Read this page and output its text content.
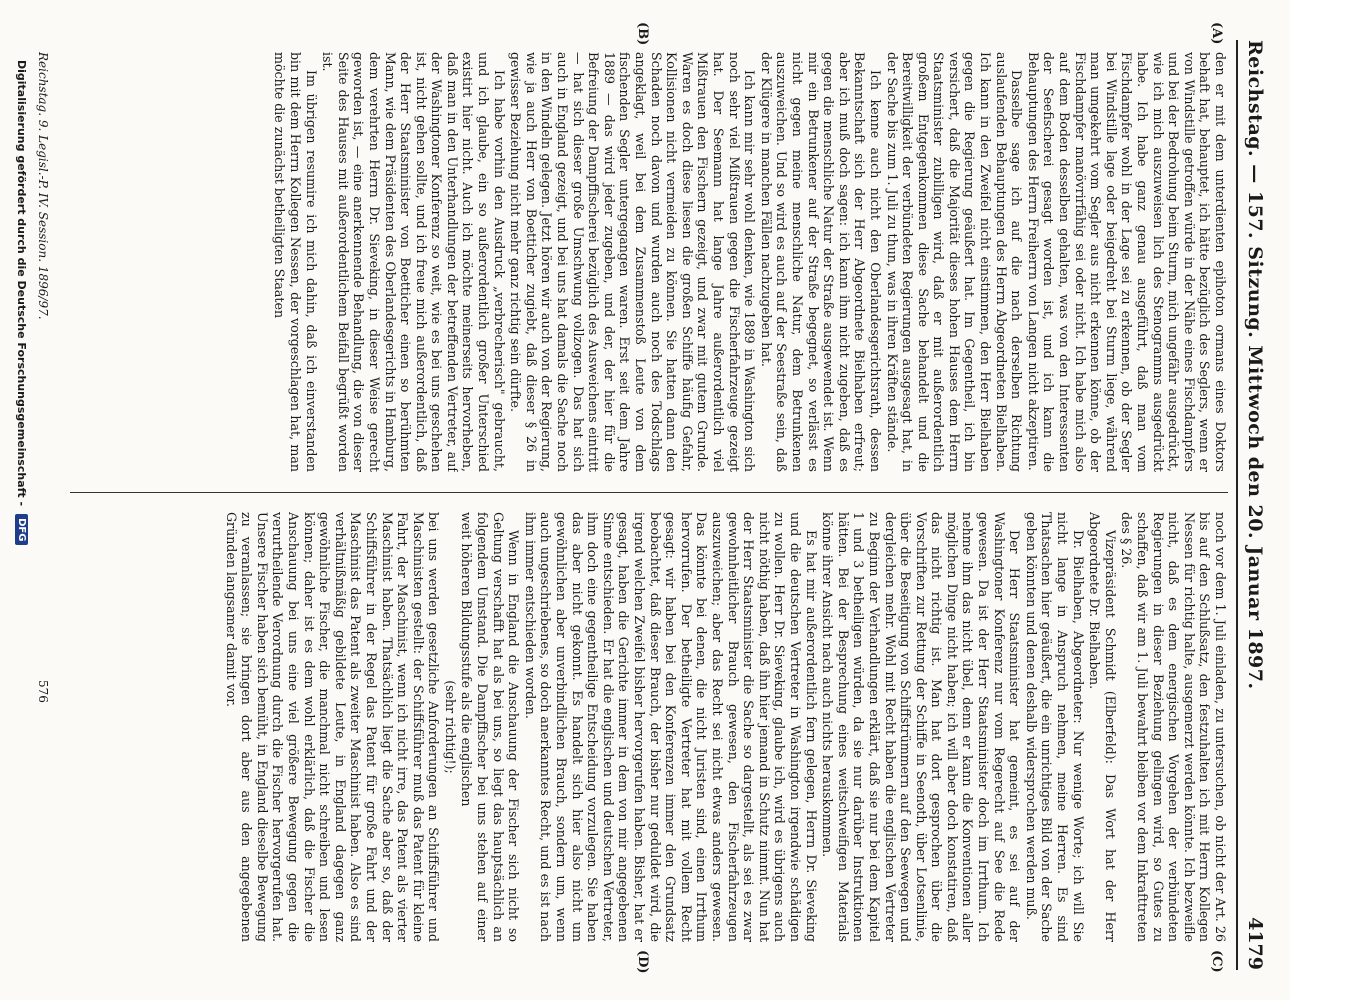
Reichstag. — 157. Sitzung. Mittwoch den 20. Januar 1897.
4179
(A)
(B)
(C)
(D)

den er mit dem unterdienten epihoton ormans eines Doktors behaft hat, behauptet, ich hätte bezüglich des Seglers, wenn er von Windstille getroffen würde in der Nähe eines Fischdampfers und bei der Bedrohung beim Sturm, mich ungefähr ausgedrückt, wie ich mich auszuweisen lich des Stenogramms ausgedrückt habe. Ich habe ganz genau ausgeführt, daß man vom Fischdampfer wohl in der Lage sei zu erkennen, ob der Segler bei Windstille lage oder beigedreht bei Sturm liege, während man umgekehrt vom Segler aus nicht erkennen könne, ob der Fischdampfer manövrirfähig sei oder nicht. Ich habe mich also auf dem Boden desselben gehalten, was von den Interessenten der Seefischerei gesagt worden ist, und ich kann die Behauptungen des Herrn Freiherrn von Langen nicht akzeptiren.

Dasselbe sage ich auf die nach derselben Richtung auslaufenden Behauptungen des Herrn Abgeordneten Bielhaben. Ich kann in den Zweifel nicht einstimmen, den Herr Bielhaben gegen die Regierung geäußert hat. Im Gegentheil, ich bin versichert, daß die Majorität dieses hohen Hauses dem Herrn Staatsminister zubilligen wird, daß er mit außerordentlich großem Entgegenkommen diese Sache behandelt und die Bereitwilligkeit der verbündeten Regierungen ausgesagt hat, in der Sache bis zum 1. Juli zu thun, was in ihren Kräften stände.

Ich kenne auch nicht den Oberlandesgerichtsrath, dessen Bekanntschaft sich der Herr Abgeordnete Bielhaben erfreut; aber ich muß doch sagen: ich kann ihm nicht zugeben, daß es gegen die menschliche Natur der Straße ausgewendet ist. Wenn mir ein Betrunkener auf der Straße begegnet, so verlässt es nicht gegen meine menschliche Natur, dem Betrunkenen auszuweichen. Und so wird es auch auf der Seestraße sein, daß der Klügere in manchen Fällen nachzugeben hat.

Ich kann mir sehr wohl denken, wie 1889 in Washington sich noch sehr viel Mißtrauen gegen die Fischerfahrzeuge gezeigt hat. Der Seemann hat lange Jahre außerordentlich viel Mißtrauen den Fischern gezeigt, und zwar mit gutem Grunde. Waren es doch diese liesen die großen Schiffe häufig Gefahr, Kollisionen nicht vermeiden zu können. Sie hatten dann den Schaden noch davon und wurden auch noch des Todschlags angeklagt, weil bei dem Zusammenstoß Leute von dem fischenden Segler untergegangen waren. Erst seit dem Jahre 1889 — das wird jeder zugeben, und der, der hier für die Befreiung der Dampffischerei bezüglich des Ausweichens eintritt — hat sich dieser große Umschwung vollzogen. Das hat sich auch in England gezeigt, und bei uns hat damals die Sache noch in den Windeln gelegen. Jetzt hören wir auch von der Regierung, wie ja auch Herr von Boetticher zugiebt, daß dieser § 26 in gewisser Beziehung nicht mehr ganz richtig sein dürfte.

Ich habe vorhin den Ausdruck „verbrecherisch" gebraucht, und ich glaube, ein so außerordentlich großer Unterschied existirt hier nicht. Auch ich möchte meinerseits hervorheben, daß man in den Unterhandlungen der betreffenden Vertreter, auf der Washingtoner Konferenz so weit, wie es bei uns geschehen ist, nicht gehen sollte, und ich freue mich außerordentlich, daß der Herr Staatsminister von Boetticher einen so berühmten Mann, wie dem Präsidenten des Oberlandesgerichts in Hamburg, dem verehrten Herrn Dr. Sieveking, in dieser Weise gerecht geworden ist, — eine anerkennende Behandlung, die von dieser Seite des Hauses mit außerordentlichem Beifall begrüßt worden ist.

Im übrigen resumire ich mich dahin, daß ich einverstanden bin mit dem Herrn Kollegen Nessen, der vorgeschlagen hat, man möchte die zunächst betheiligten Staaten

noch vor dem 1. Juli einladen, zu untersuchen, ob nicht der Art. 26 bis auf den Schlußsatz, den festzuhalten ich mit Herrn Kollegen Nessen für richtig halte, ausgemerzt werden könnte. Ich bezweifle nicht, daß es dem energischen Vorgehen der verbündeten Regierungen in dieser Beziehung gelingen wird, so Gutes zu schaffen, daß wir am 1. Juli bewahrt bleiben vor dem Inkrafttreten des § 26.

Vizepräsident Schmidt (Elberfeld): Das Wort hat der Herr Abgeordnete Dr. Bielhaben.

Dr. Bielhaben, Abgeordneter: Nur wenige Worte; ich will Sie nicht lange in Anspruch nehmen, meine Herren. Es sind Thatsachen hier geäußert, die ein unrichtiges Bild von der Sache geben könnten und denen deshalb widersprochen werden muß.

Der Herr Staatsminister hat gemeint, es sei auf der Washingtoner Konferenz nur vom Regerecht auf See die Rede gewesen. Da ist der Herr Staatsminister doch im Irrthum. Ich nehme ihm das nicht übel, denn er kann die Konventionen aller möglichen Dinge nicht haben; ich will aber doch konstatiren, daß das nicht richtig ist. Man hat dort gesprochen über die Vorschriften zur Rettung der Schiffe in Seenoth, über Lotsenlinie, über die Beseitigung von Schiffstrümmern auf den Seewegen und dergleichen mehr. Wohl mit Recht haben die englischen Vertreter zu Beginn der Verhandlungen erklärt, daß sie nur bei dem Kapitel 1 und 3 betheiligen würden, da sie nur darüber Instruktionen hätten. Bei der Besprechung eines weitschweifigen Materials könne ihrer Ansicht nach auch nichts herauskommen.

Es hat mir außerordentlich fern gelegen, Herrn Dr. Sieveking und die deutschen Vertreter in Washington irgendwie schädigen zu wollen. Herr Dr. Sieveking, glaube ich, wird es übrigens auch nicht nöthig haben, daß ihn hier jemand in Schutz nimmt. Nun hat der Herr Staatsminister die Sache so dargestellt, als sei es zwar gewohnheitlicher Brauch gewesen, den Fischerfahrzeugen auszuweichen; aber das Recht sei nicht etwas anders gewesen. Das könnte bei denen, die nicht Juristen sind, einen Irrthum hervorrufen. Der betheiligte Vertreter hat mit vollem Recht gesagt: wir haben bei den Konferenzen immer den Grundsatz beobachtet, daß dieser Brauch, der bisher nur geduldet wird, die irgend welchen Zweifel bisher hervorgerufen haben. Bisher, hat er gesagt, haben die Gerichte immer in dem von mir angegebenen Sinne entschieden. Er hat die englischen und deutschen Vertreter, ihm doch eine gegentheilige Entscheidung vorzulegen. Sie haben das aber nicht gekonnt. Es handelt sich hier also nicht um gewöhnlichen aber unverbindlichen Brauch, sondern um, wenn auch ungeschriebenes, so doch anerkanntes Recht, und es ist nach ihm immer entschieden worden.

Wenn in England die Anschauung der Fischer sich nicht so Geltung verschafft hat als bei uns, so liegt das hauptsächlich an folgendem Umstand. Die Dampffischer bei uns stehen auf einer weit höheren Bildungsstufe als die englischen

(sehr richtig!);

bei uns werden gesetzliche Anforderungen an Schiffsführer und Maschinisten gestellt: der Schiffsführer muß das Patent für kleine Fahrt, der Maschinist, wenn ich nicht irre, das Patent als vierter Maschinist haben. Thatsächlich liegt die Sache aber so, daß der Schiffsführer in der Regel das Patent für große Fahrt und der Maschinist das Patent als zweiter Maschinist haben. Also es sind verhältnißmäßig gebildete Leute, in England dagegen ganz gewöhnliche Fischer, die manchmal nicht schreiben und lesen können; daher ist es dem wohl erklärlich, daß die Fischer die Anschauung bei uns eine viel größere Bewegung gegen die verurtheilende Verordnung durch die Fischer hervorgerufen hat. Unsere Fischer haben sich bemüht, in England dieselbe Bewegung zu veranlassen; sie bringen dort aber aus den angegebenen Gründen langsamer damit vor.

Reichstag. 9. Legisl.-P. IV. Session. 1896/97.
576
Digitalisierung gefördert durch die Deutsche Forschungsgemeinschaft -
DFG
